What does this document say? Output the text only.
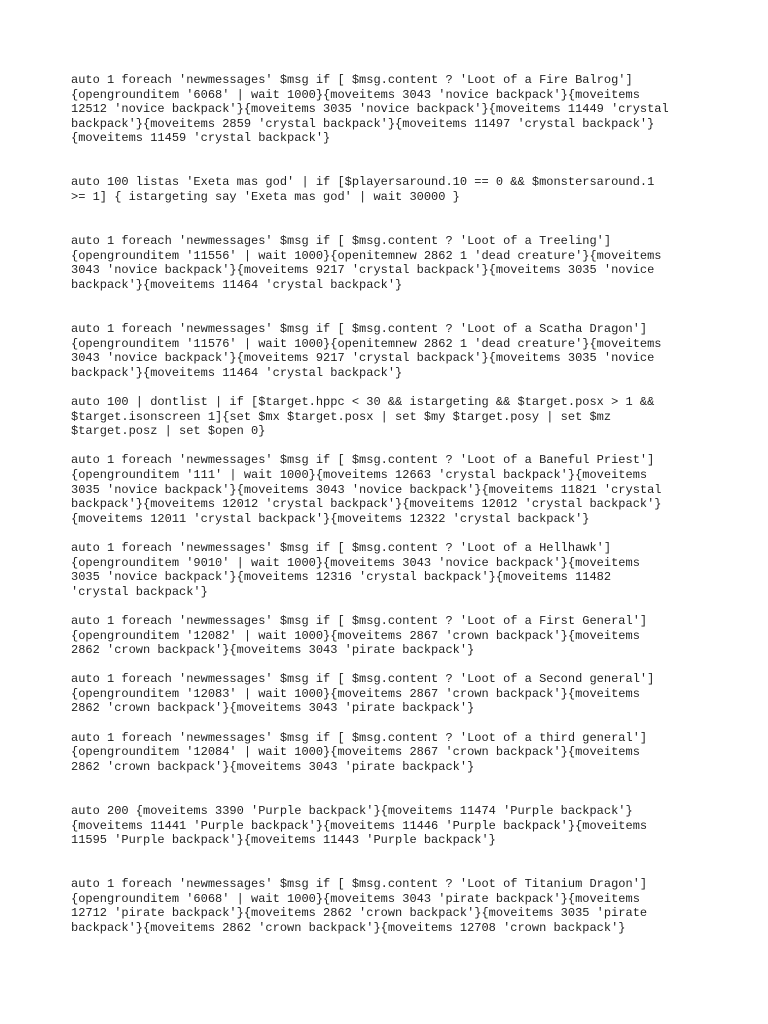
auto 1 foreach 'newmessages' $msg if [ $msg.content ? 'Loot of a Fire Balrog']
{opengrounditem '6068' | wait 1000}{moveitems 3043 'novice backpack'}{moveitems
12512 'novice backpack'}{moveitems 3035 'novice backpack'}{moveitems 11449 'crystal
backpack'}{moveitems 2859 'crystal backpack'}{moveitems 11497 'crystal backpack'}
{moveitems 11459 'crystal backpack'}
auto 100 listas 'Exeta mas god' | if [$playersaround.10 == 0 && $monstersaround.1
>= 1] { istargeting say 'Exeta mas god' | wait 30000 }
auto 1 foreach 'newmessages' $msg if [ $msg.content ? 'Loot of a Treeling']
{opengrounditem '11556' | wait 1000}{openitemnew 2862 1 'dead creature'}{moveitems
3043 'novice backpack'}{moveitems 9217 'crystal backpack'}{moveitems 3035 'novice
backpack'}{moveitems 11464 'crystal backpack'}
auto 1 foreach 'newmessages' $msg if [ $msg.content ? 'Loot of a Scatha Dragon']
{opengrounditem '11576' | wait 1000}{openitemnew 2862 1 'dead creature'}{moveitems
3043 'novice backpack'}{moveitems 9217 'crystal backpack'}{moveitems 3035 'novice
backpack'}{moveitems 11464 'crystal backpack'}
auto 100 | dontlist | if [$target.hppc < 30 && istargeting && $target.posx > 1 &&
$target.isonscreen 1]{set $mx $target.posx | set $my $target.posy | set $mz
$target.posz | set $open 0}
auto 1 foreach 'newmessages' $msg if [ $msg.content ? 'Loot of a Baneful Priest']
{opengrounditem '111' | wait 1000}{moveitems 12663 'crystal backpack'}{moveitems
3035 'novice backpack'}{moveitems 3043 'novice backpack'}{moveitems 11821 'crystal
backpack'}{moveitems 12012 'crystal backpack'}{moveitems 12012 'crystal backpack'}
{moveitems 12011 'crystal backpack'}{moveitems 12322 'crystal backpack'}
auto 1 foreach 'newmessages' $msg if [ $msg.content ? 'Loot of a Hellhawk']
{opengrounditem '9010' | wait 1000}{moveitems 3043 'novice backpack'}{moveitems
3035 'novice backpack'}{moveitems 12316 'crystal backpack'}{moveitems 11482
'crystal backpack'}
auto 1 foreach 'newmessages' $msg if [ $msg.content ? 'Loot of a First General']
{opengrounditem '12082' | wait 1000}{moveitems 2867 'crown backpack'}{moveitems
2862 'crown backpack'}{moveitems 3043 'pirate backpack'}
auto 1 foreach 'newmessages' $msg if [ $msg.content ? 'Loot of a Second general']
{opengrounditem '12083' | wait 1000}{moveitems 2867 'crown backpack'}{moveitems
2862 'crown backpack'}{moveitems 3043 'pirate backpack'}
auto 1 foreach 'newmessages' $msg if [ $msg.content ? 'Loot of a third general']
{opengrounditem '12084' | wait 1000}{moveitems 2867 'crown backpack'}{moveitems
2862 'crown backpack'}{moveitems 3043 'pirate backpack'}
auto 200 {moveitems 3390 'Purple backpack'}{moveitems 11474 'Purple backpack'}
{moveitems 11441 'Purple backpack'}{moveitems 11446 'Purple backpack'}{moveitems
11595 'Purple backpack'}{moveitems 11443 'Purple backpack'}
auto 1 foreach 'newmessages' $msg if [ $msg.content ? 'Loot of Titanium Dragon']
{opengrounditem '6068' | wait 1000}{moveitems 3043 'pirate backpack'}{moveitems
12712 'pirate backpack'}{moveitems 2862 'crown backpack'}{moveitems 3035 'pirate
backpack'}{moveitems 2862 'crown backpack'}{moveitems 12708 'crown backpack'}
